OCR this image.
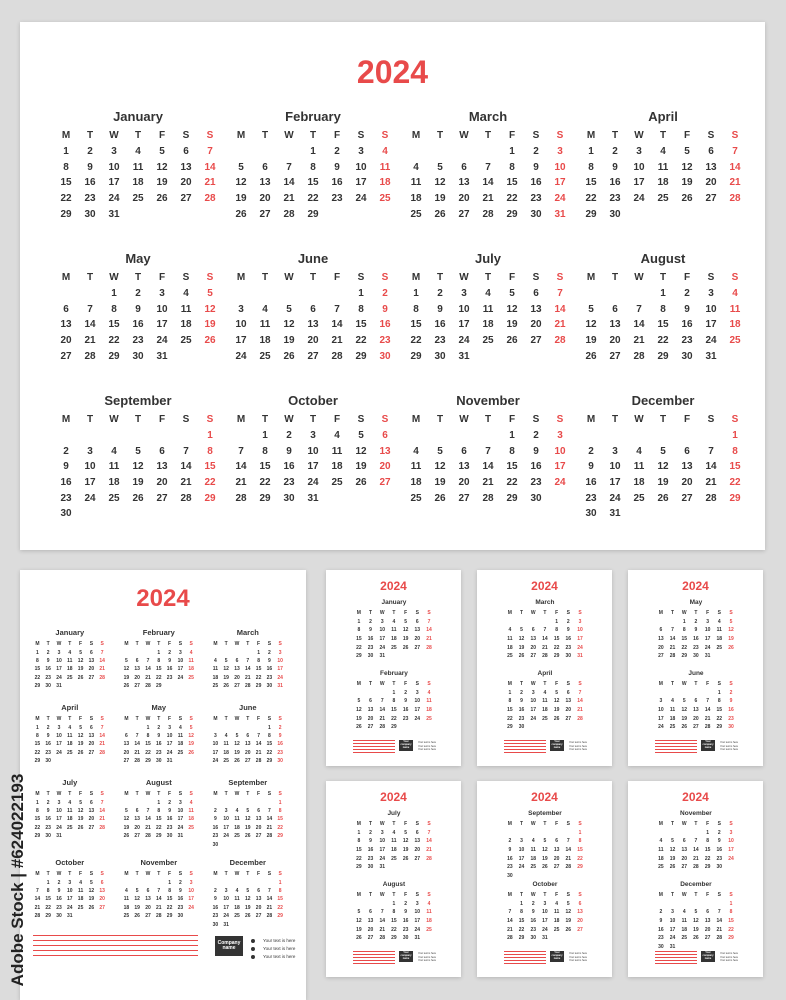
2024
January
M	T	W	T	F	S	S
1	2	3	4	5	6	7
8	9	10	11	12	13	14
15	16	17	18	19	20	21
22	23	24	25	26	27	28
29	30	31				
February
M	T	W	T	F	S	S
			1	2	3	4
5	6	7	8	9	10	11
12	13	14	15	16	17	18
19	20	21	22	23	24	25
26	27	28	29			
March
M	T	W	T	F	S	S
				1	2	3
4	5	6	7	8	9	10
11	12	13	14	15	16	17
18	19	20	21	22	23	24
25	26	27	28	29	30	31
April
M	T	W	T	F	S	S
1	2	3	4	5	6	7
8	9	10	11	12	13	14
15	16	17	18	19	20	21
22	23	24	25	26	27	28
29	30					
May
M	T	W	T	F	S	S
		1	2	3	4	5
6	7	8	9	10	11	12
13	14	15	16	17	18	19
20	21	22	23	24	25	26
27	28	29	30	31		
June
M	T	W	T	F	S	S
					1	2
3	4	5	6	7	8	9
10	11	12	13	14	15	16
17	18	19	20	21	22	23
24	25	26	27	28	29	30
July
M	T	W	T	F	S	S
1	2	3	4	5	6	7
8	9	10	11	12	13	14
15	16	17	18	19	20	21
22	23	24	25	26	27	28
29	30	31				
August
M	T	W	T	F	S	S
			1	2	3	4
5	6	7	8	9	10	11
12	13	14	15	16	17	18
19	20	21	22	23	24	25
26	27	28	29	30	31	
September
M	T	W	T	F	S	S
						1
2	3	4	5	6	7	8
9	10	11	12	13	14	15
16	17	18	19	20	21	22
23	24	25	26	27	28	29
30						
October
M	T	W	T	F	S	S
	1	2	3	4	5	6
7	8	9	10	11	12	13
14	15	16	17	18	19	20
21	22	23	24	25	26	27
28	29	30	31			
November
M	T	W	T	F	S	S
				1	2	3
4	5	6	7	8	9	10
11	12	13	14	15	16	17
18	19	20	21	22	23	24
25	26	27	28	29	30	
December
M	T	W	T	F	S	S
						1
2	3	4	5	6	7	8
9	10	11	12	13	14	15
16	17	18	19	20	21	22
23	24	25	26	27	28	29
30	31					
2024
January
M	T	W	T	F	S	S
1	2	3	4	5	6	7
8	9	10	11	12	13	14
15	16	17	18	19	20	21
22	23	24	25	26	27	28
29	30	31				
February
M	T	W	T	F	S	S
			1	2	3	4
5	6	7	8	9	10	11
12	13	14	15	16	17	18
19	20	21	22	23	24	25
26	27	28	29			
March
M	T	W	T	F	S	S
				1	2	3
4	5	6	7	8	9	10
11	12	13	14	15	16	17
18	19	20	21	22	23	24
25	26	27	28	29	30	31
April
M	T	W	T	F	S	S
1	2	3	4	5	6	7
8	9	10	11	12	13	14
15	16	17	18	19	20	21
22	23	24	25	26	27	28
29	30					
May
M	T	W	T	F	S	S
		1	2	3	4	5
6	7	8	9	10	11	12
13	14	15	16	17	18	19
20	21	22	23	24	25	26
27	28	29	30	31		
June
M	T	W	T	F	S	S
					1	2
3	4	5	6	7	8	9
10	11	12	13	14	15	16
17	18	19	20	21	22	23
24	25	26	27	28	29	30
July
M	T	W	T	F	S	S
1	2	3	4	5	6	7
8	9	10	11	12	13	14
15	16	17	18	19	20	21
22	23	24	25	26	27	28
29	30	31				
August
M	T	W	T	F	S	S
			1	2	3	4
5	6	7	8	9	10	11
12	13	14	15	16	17	18
19	20	21	22	23	24	25
26	27	28	29	30	31	
September
M	T	W	T	F	S	S
						1
2	3	4	5	6	7	8
9	10	11	12	13	14	15
16	17	18	19	20	21	22
23	24	25	26	27	28	29
30						
October
M	T	W	T	F	S	S
	1	2	3	4	5	6
7	8	9	10	11	12	13
14	15	16	17	18	19	20
21	22	23	24	25	26	27
28	29	30	31			
November
M	T	W	T	F	S	S
				1	2	3
4	5	6	7	8	9	10
11	12	13	14	15	16	17
18	19	20	21	22	23	24
25	26	27	28	29	30	
December
M	T	W	T	F	S	S
						1
2	3	4	5	6	7	8
9	10	11	12	13	14	15
16	17	18	19	20	21	22
23	24	25	26	27	28	29
30	31					
Company name
Your text is here
Your text is here
Your text is here
2024
January
M	T	W	T	F	S	S
1	2	3	4	5	6	7
8	9	10	11	12	13	14
15	16	17	18	19	20	21
22	23	24	25	26	27	28
29	30	31				
February
M	T	W	T	F	S	S
			1	2	3	4
5	6	7	8	9	10	11
12	13	14	15	16	17	18
19	20	21	22	23	24	25
26	27	28	29			
Your company name
Your text is here
Your text is here
Your text is here
2024
March
M	T	W	T	F	S	S
				1	2	3
4	5	6	7	8	9	10
11	12	13	14	15	16	17
18	19	20	21	22	23	24
25	26	27	28	29	30	31
April
M	T	W	T	F	S	S
1	2	3	4	5	6	7
8	9	10	11	12	13	14
15	16	17	18	19	20	21
22	23	24	25	26	27	28
29	30					
Your company name
Your text is here
Your text is here
Your text is here
2024
May
M	T	W	T	F	S	S
		1	2	3	4	5
6	7	8	9	10	11	12
13	14	15	16	17	18	19
20	21	22	23	24	25	26
27	28	29	30	31		
June
M	T	W	T	F	S	S
					1	2
3	4	5	6	7	8	9
10	11	12	13	14	15	16
17	18	19	20	21	22	23
24	25	26	27	28	29	30
Your company name
Your text is here
Your text is here
Your text is here
2024
July
M	T	W	T	F	S	S
1	2	3	4	5	6	7
8	9	10	11	12	13	14
15	16	17	18	19	20	21
22	23	24	25	26	27	28
29	30	31				
August
M	T	W	T	F	S	S
			1	2	3	4
5	6	7	8	9	10	11
12	13	14	15	16	17	18
19	20	21	22	23	24	25
26	27	28	29	30	31	
Your company name
Your text is here
Your text is here
Your text is here
2024
September
M	T	W	T	F	S	S
						1
2	3	4	5	6	7	8
9	10	11	12	13	14	15
16	17	18	19	20	21	22
23	24	25	26	27	28	29
30						
October
M	T	W	T	F	S	S
	1	2	3	4	5	6
7	8	9	10	11	12	13
14	15	16	17	18	19	20
21	22	23	24	25	26	27
28	29	30	31			
Your company name
Your text is here
Your text is here
Your text is here
2024
November
M	T	W	T	F	S	S
				1	2	3
4	5	6	7	8	9	10
11	12	13	14	15	16	17
18	19	20	21	22	23	24
25	26	27	28	29	30	
December
M	T	W	T	F	S	S
						1
2	3	4	5	6	7	8
9	10	11	12	13	14	15
16	17	18	19	20	21	22
23	24	25	26	27	28	29
30	31					
Your company name
Your text is here
Your text is here
Your text is here
Adobe Stock | #624022193
